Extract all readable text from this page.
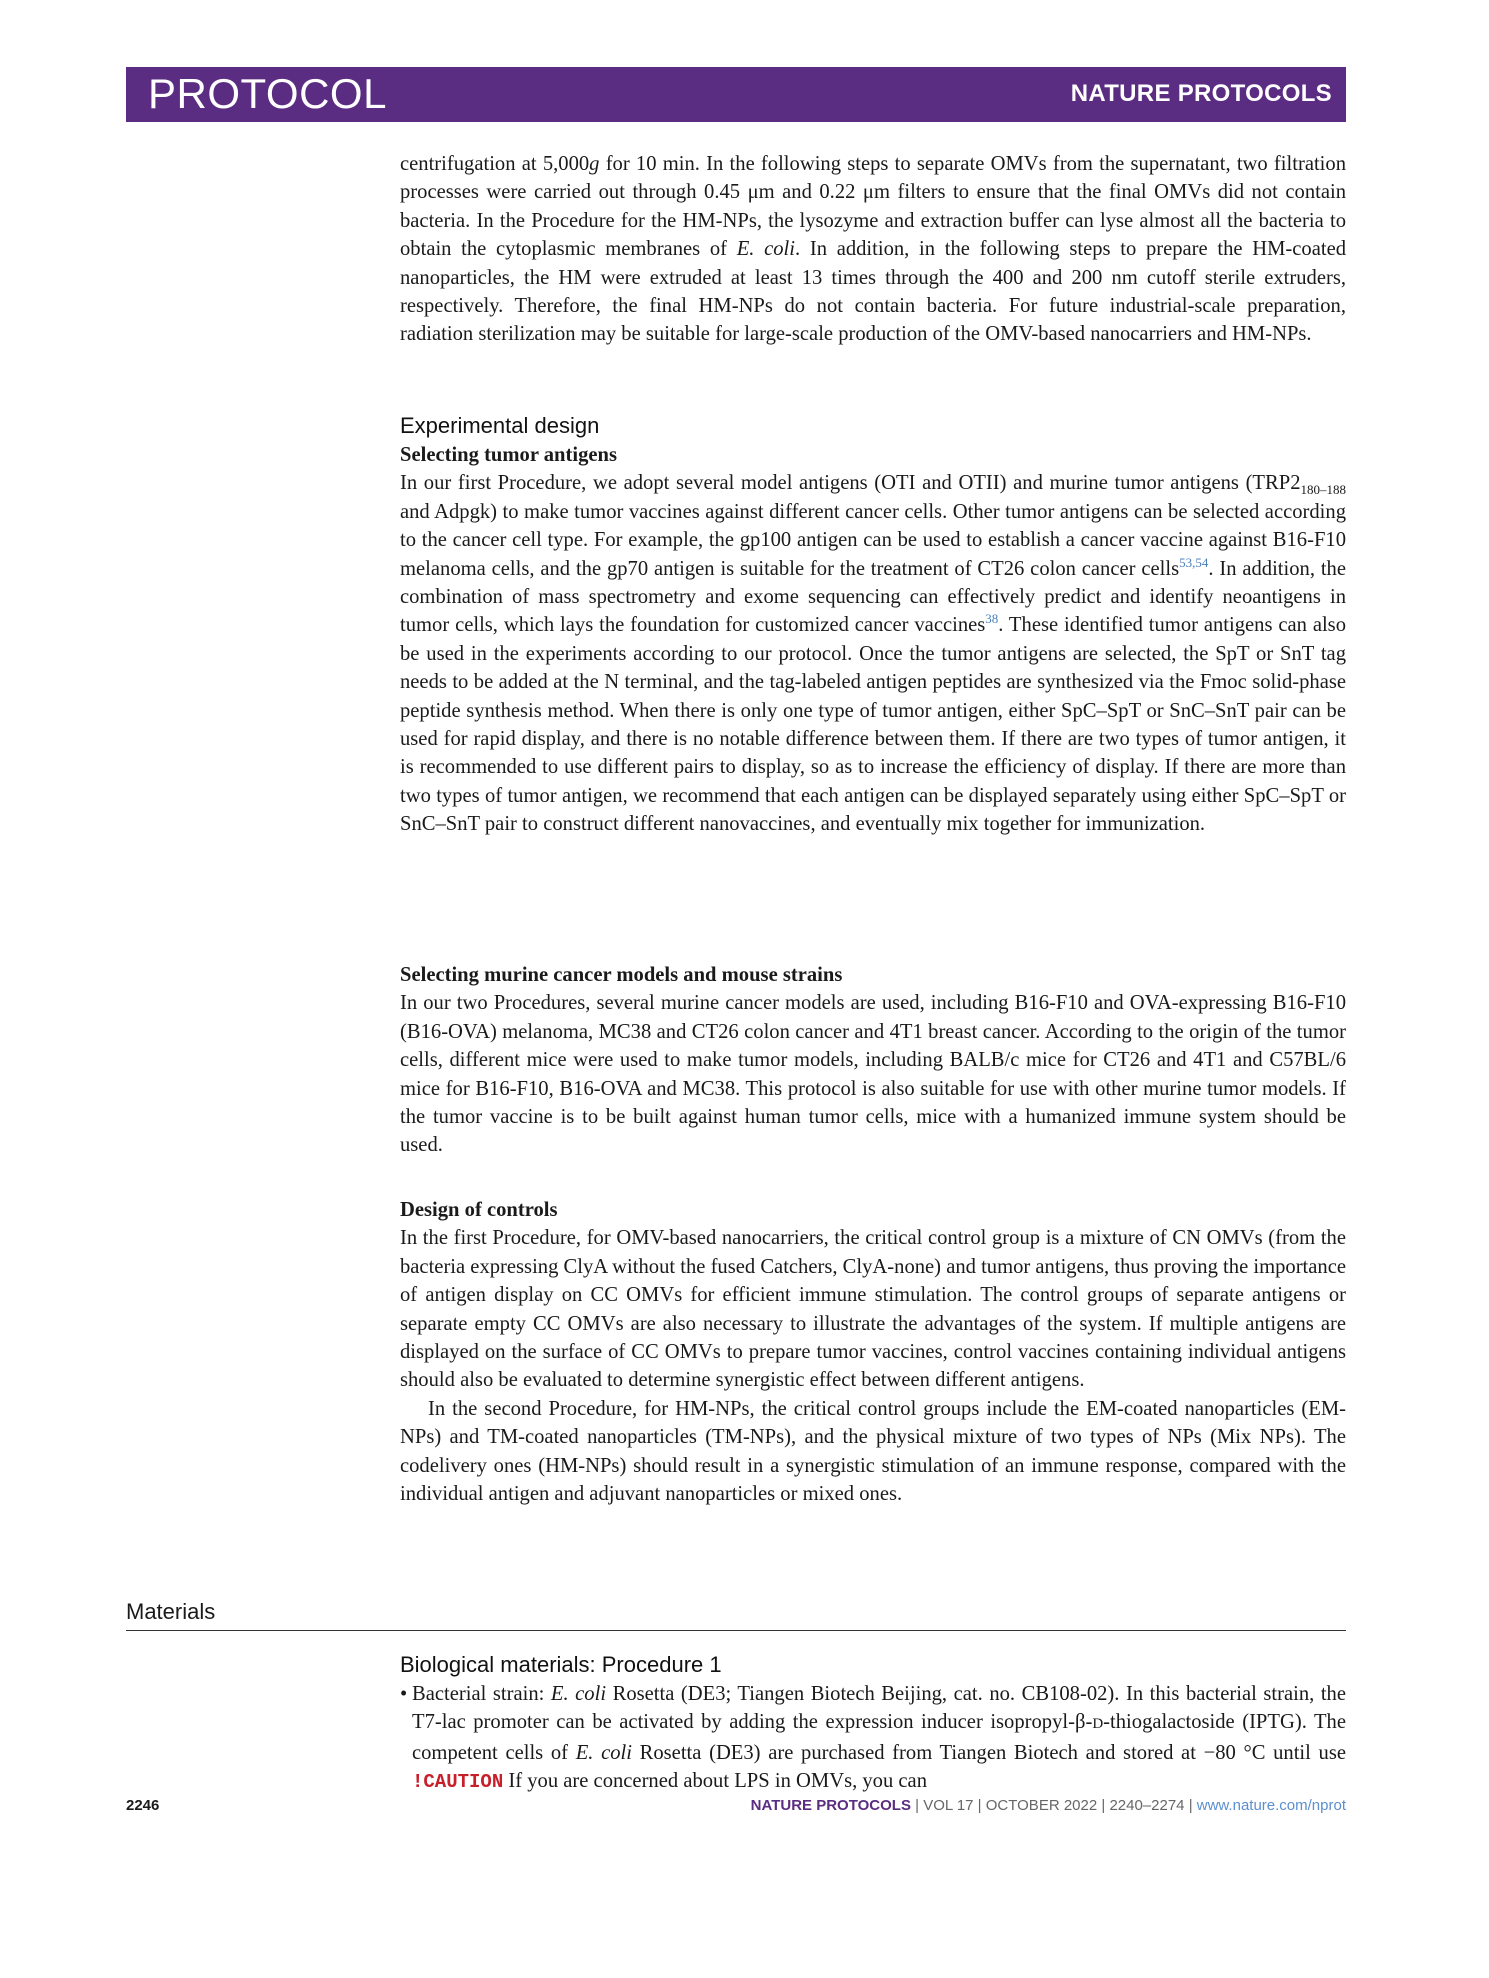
PROTOCOL	NATURE PROTOCOLS

centrifugation at 5,000g for 10 min. In the following steps to separate OMVs from the supernatant, two filtration processes were carried out through 0.45 μm and 0.22 μm filters to ensure that the final OMVs did not contain bacteria. In the Procedure for the HM-NPs, the lysozyme and extraction buffer can lyse almost all the bacteria to obtain the cytoplasmic membranes of E. coli. In addition, in the following steps to prepare the HM-coated nanoparticles, the HM were extruded at least 13 times through the 400 and 200 nm cutoff sterile extruders, respectively. Therefore, the final HM-NPs do not contain bacteria. For future industrial-scale preparation, radiation sterilization may be suitable for large-scale production of the OMV-based nanocarriers and HM-NPs.

Experimental design
Selecting tumor antigens

In our first Procedure, we adopt several model antigens (OTI and OTII) and murine tumor antigens ($TRP2_{180-188}$ and Adpgk) to make tumor vaccines against different cancer cells. Other tumor antigens can be selected according to the cancer cell type. For example, the gp100 antigen can be used to establish a cancer vaccine against B16-F10 melanoma cells, and the gp70 antigen is suitable for the treatment of CT26 colon cancer cells$^{53,54}$. In addition, the combination of mass spectrometry and exome sequencing can effectively predict and identify neoantigens in tumor cells, which lays the foundation for customized cancer vaccines$^{38}$. These identified tumor antigens can also be used in the experiments according to our protocol. Once the tumor antigens are selected, the SpT or SnT tag needs to be added at the N terminal, and the tag-labeled antigen peptides are synthesized via the Fmoc solid-phase peptide synthesis method. When there is only one type of tumor antigen, either SpC–SpT or SnC–SnT pair can be used for rapid display, and there is no notable difference between them. If there are two types of tumor antigen, it is recommended to use different pairs to display, so as to increase the efficiency of display. If there are more than two types of tumor antigen, we recommend that each antigen can be displayed separately using either SpC–SpT or SnC–SnT pair to construct different nanovaccines, and eventually mix together for immunization.

Selecting murine cancer models and mouse strains

In our two Procedures, several murine cancer models are used, including B16-F10 and OVA-expressing B16-F10 (B16-OVA) melanoma, MC38 and CT26 colon cancer and 4T1 breast cancer. According to the origin of the tumor cells, different mice were used to make tumor models, including BALB/c mice for CT26 and 4T1 and C57BL/6 mice for B16-F10, B16-OVA and MC38. This protocol is also suitable for use with other murine tumor models. If the tumor vaccine is to be built against human tumor cells, mice with a humanized immune system should be used.

Design of controls

In the first Procedure, for OMV-based nanocarriers, the critical control group is a mixture of CN OMVs (from the bacteria expressing ClyA without the fused Catchers, ClyA-none) and tumor antigens, thus proving the importance of antigen display on CC OMVs for efficient immune stimulation. The control groups of separate antigens or separate empty CC OMVs are also necessary to illustrate the advantages of the system. If multiple antigens are displayed on the surface of CC OMVs to prepare tumor vaccines, control vaccines containing individual antigens should also be evaluated to determine synergistic effect between different antigens.

In the second Procedure, for HM-NPs, the critical control groups include the EM-coated nanoparticles (EM-NPs) and TM-coated nanoparticles (TM-NPs), and the physical mixture of two types of NPs (Mix NPs). The codelivery ones (HM-NPs) should result in a synergistic stimulation of an immune response, compared with the individual antigen and adjuvant nanoparticles or mixed ones.

Materials
Biological materials: Procedure 1
• Bacterial strain: E. coli Rosetta (DE3; Tiangen Biotech Beijing, cat. no. CB108-02). In this bacterial strain, the T7-lac promoter can be activated by adding the expression inducer isopropyl-β-D-thiogalactoside (IPTG). The competent cells of E. coli Rosetta (DE3) are purchased from Tiangen Biotech and stored at −80 °C until use !CAUTION If you are concerned about LPS in OMVs, you can

2246	NATURE PROTOCOLS | VOL 17 | OCTOBER 2022 | 2240–2274 | www.nature.com/nprot
